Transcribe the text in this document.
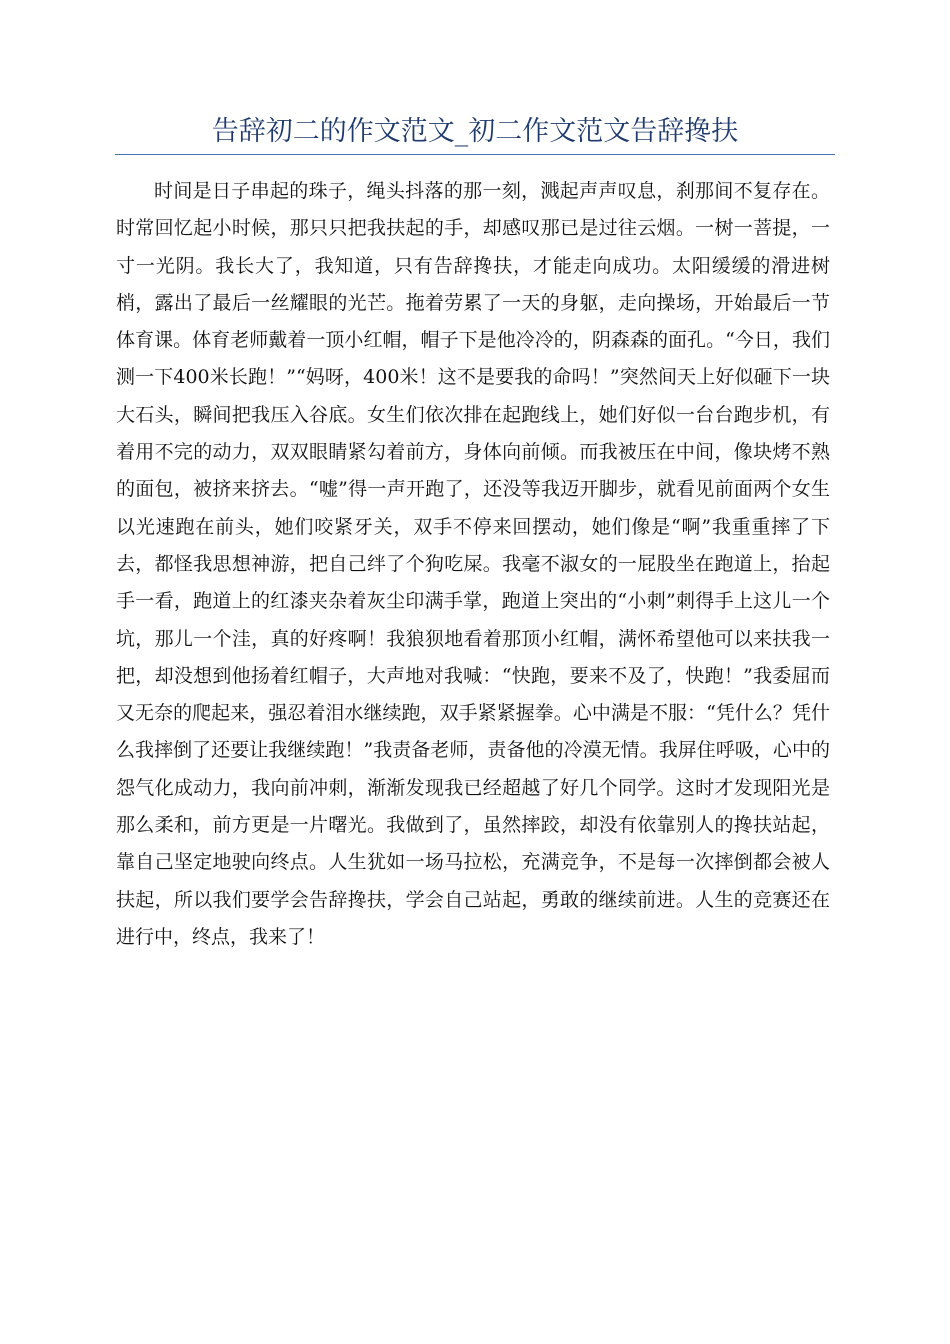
告辞初二的作文范文_初二作文范文告辞搀扶

时间是日子串起的珠子，绳头抖落的那一刻，溅起声声叹息，刹那间不复存在。时常回忆起小时候，那只只把我扶起的手，却感叹那已是过往云烟。一树一菩提，一寸一光阴。我长大了，我知道，只有告辞搀扶，才能走向成功。太阳缓缓的滑进树梢，露出了最后一丝耀眼的光芒。拖着劳累了一天的身躯，走向操场，开始最后一节体育课。体育老师戴着一顶小红帽，帽子下是他冷冷的，阴森森的面孔。“今日，我们测一下400米长跑！”“妈呀，400米！这不是要我的命吗！”突然间天上好似砸下一块大石头，瞬间把我压入谷底。女生们依次排在起跑线上，她们好似一台台跑步机，有着用不完的动力，双双眼睛紧勾着前方，身体向前倾。而我被压在中间，像块烤不熟的面包，被挤来挤去。“嘘”得一声开跑了，还没等我迈开脚步，就看见前面两个女生以光速跑在前头，她们咬紧牙关，双手不停来回摆动，她们像是“啊”我重重摔了下去，都怪我思想神游，把自己绊了个狗吃屎。我毫不淑女的一屁股坐在跑道上，抬起手一看，跑道上的红漆夹杂着灰尘印满手掌，跑道上突出的“小刺”刺得手上这儿一个坑，那儿一个洼，真的好疼啊！我狼狈地看着那顶小红帽，满怀希望他可以来扶我一把，却没想到他扬着红帽子，大声地对我喊：“快跑，要来不及了，快跑！”我委屈而又无奈的爬起来，强忍着泪水继续跑，双手紧紧握拳。心中满是不服：“凭什么？凭什么我摔倒了还要让我继续跑！”我责备老师，责备他的冷漠无情。我屏住呼吸，心中的怨气化成动力，我向前冲刺，渐渐发现我已经超越了好几个同学。这时才发现阳光是那么柔和，前方更是一片曙光。我做到了，虽然摔跤，却没有依靠别人的搀扶站起，靠自己坚定地驶向终点。人生犹如一场马拉松，充满竞争，不是每一次摔倒都会被人扶起，所以我们要学会告辞搀扶，学会自己站起，勇敢的继续前进。人生的竞赛还在进行中，终点，我来了！
